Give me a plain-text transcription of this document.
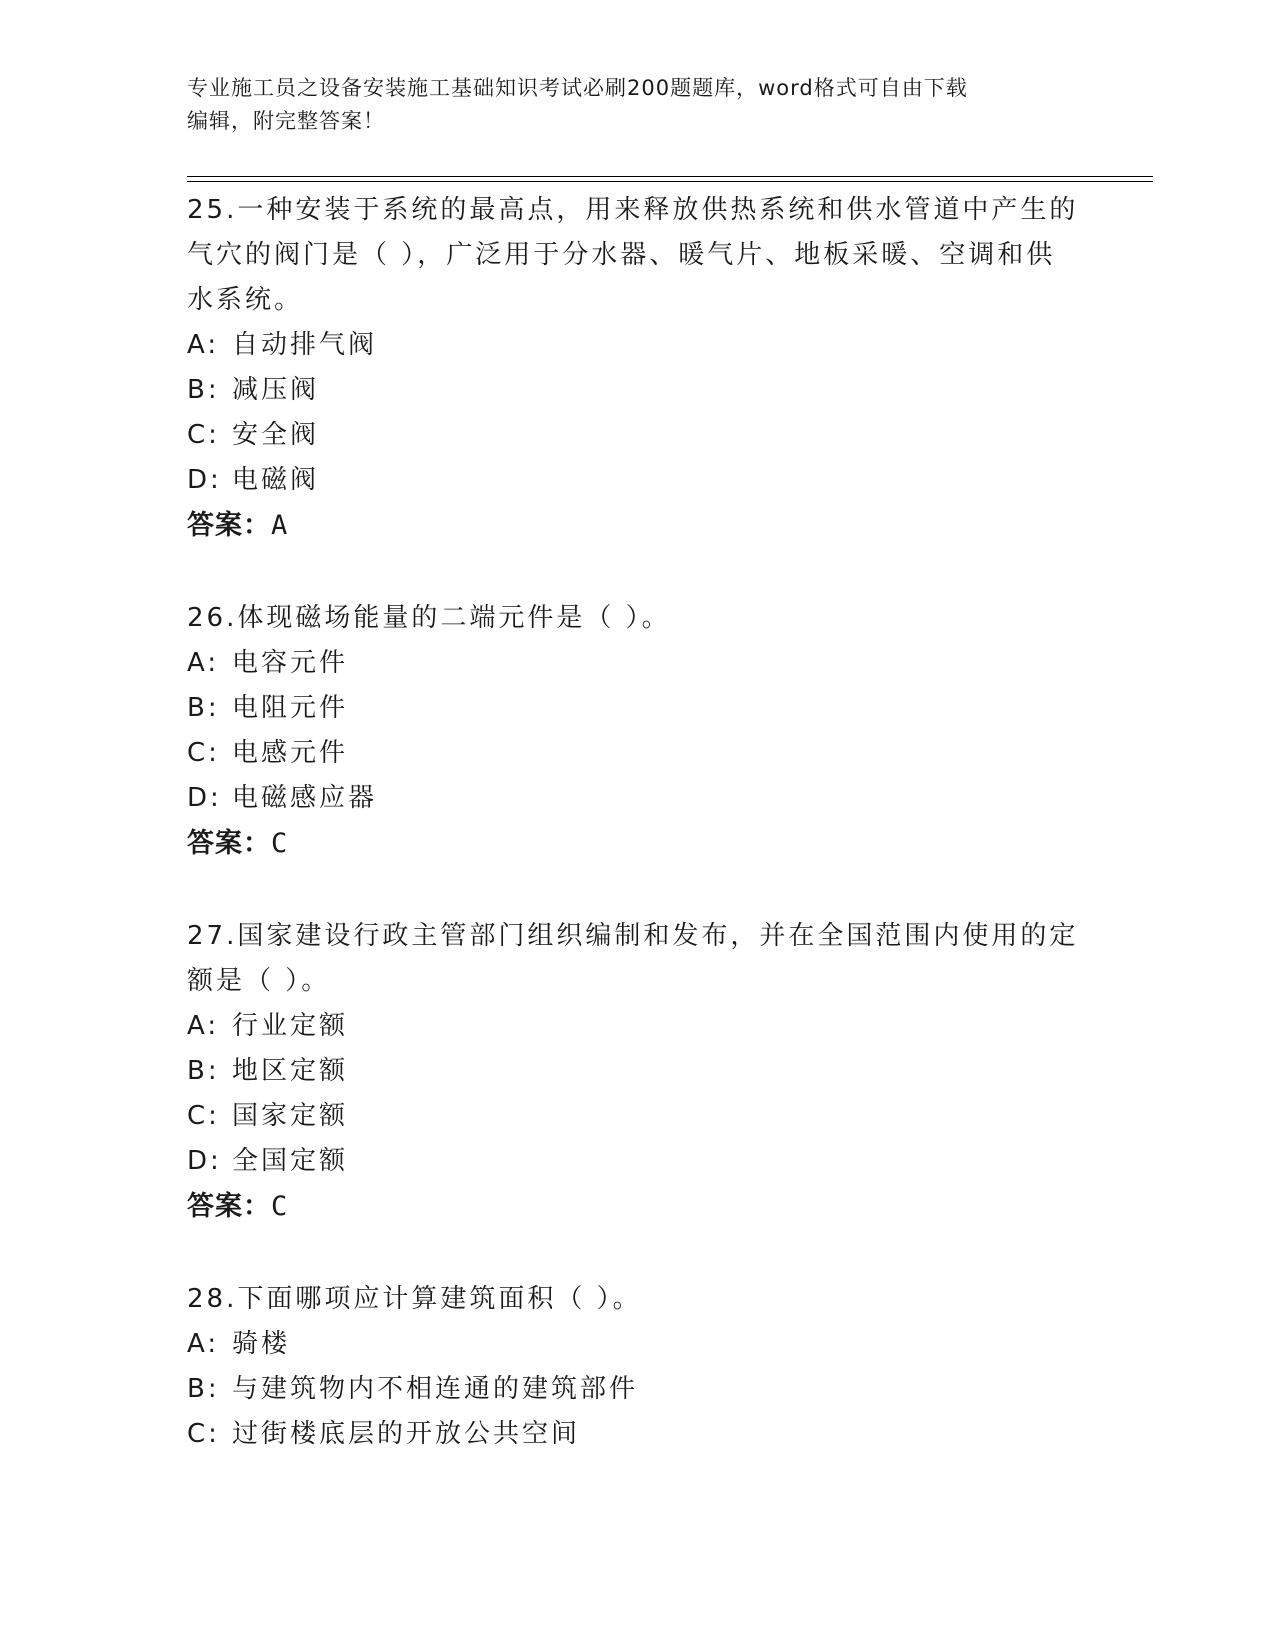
专业施工员之设备安装施工基础知识考试必刷200题题库，word格式可自由下载
编辑，附完整答案！

25.一种安装于系统的最高点，用来释放供热系统和供水管道中产生的

气穴的阀门是（ ），广泛用于分水器、暖气片、地板采暖、空调和供

水系统。

A: 自动排气阀
B: 减压阀
C: 安全阀
D: 电磁阀

答案：A

26.体现磁场能量的二端元件是（ ）。

A: 电容元件
B: 电阻元件
C: 电感元件
D: 电磁感应器

答案：C

27.国家建设行政主管部门组织编制和发布，并在全国范围内使用的定

额是（ ）。

A: 行业定额
B: 地区定额
C: 国家定额
D: 全国定额

答案：C

28.下面哪项应计算建筑面积（ ）。

A: 骑楼
B: 与建筑物内不相连通的建筑部件
C: 过街楼底层的开放公共空间
